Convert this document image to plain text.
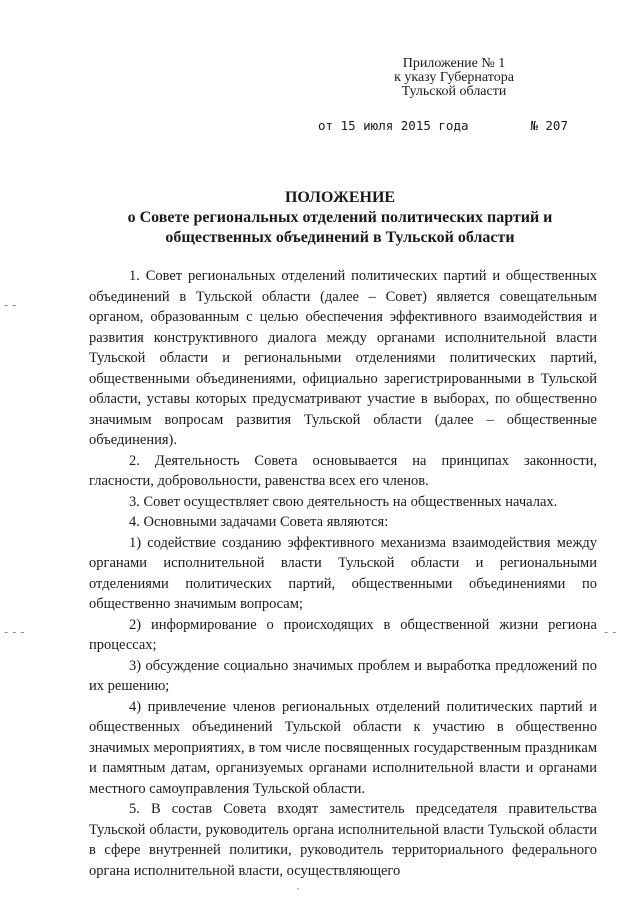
Приложение № 1
к указу Губернатора
Тульской области
от 15 июля 2015 года	№ 207
ПОЛОЖЕНИЕ
о Совете региональных отделений политических партий и
общественных объединений в Тульской области

1. Совет региональных отделений политических партий и общественных объединений в Тульской области (далее – Совет) является совещательным органом, образованным с целью обеспечения эффективного взаимодействия и развития конструктивного диалога между органами исполнительной власти Тульской области и региональными отделениями политических партий, общественными объединениями, официально зарегистрированными в Тульской области, уставы которых предусматривают участие в выборах, по общественно значимым вопросам развития Тульской области (далее – общественные объединения).

2. Деятельность Совета основывается на принципах законности, гласности, добровольности, равенства всех его членов.

3. Совет осуществляет свою деятельность на общественных началах.

4. Основными задачами Совета являются:

1) содействие созданию эффективного механизма взаимодействия между органами исполнительной власти Тульской области и региональными отделениями политических партий, общественными объединениями по общественно значимым вопросам;

2) информирование о происходящих в общественной жизни региона процессах;

3) обсуждение социально значимых проблем и выработка предложений по их решению;

4) привлечение членов региональных отделений политических партий и общественных объединений Тульской области к участию в общественно значимых мероприятиях, в том числе посвященных государственным праздникам и памятным датам, организуемых органами исполнительной власти и органами местного самоуправления Тульской области.

5. В состав Совета входят заместитель председателя правительства Тульской области, руководитель органа исполнительной власти Тульской области в сфере внутренней политики, руководитель территориального федерального органа исполнительной власти, осуществляющего

- -
- - -	- -
·
